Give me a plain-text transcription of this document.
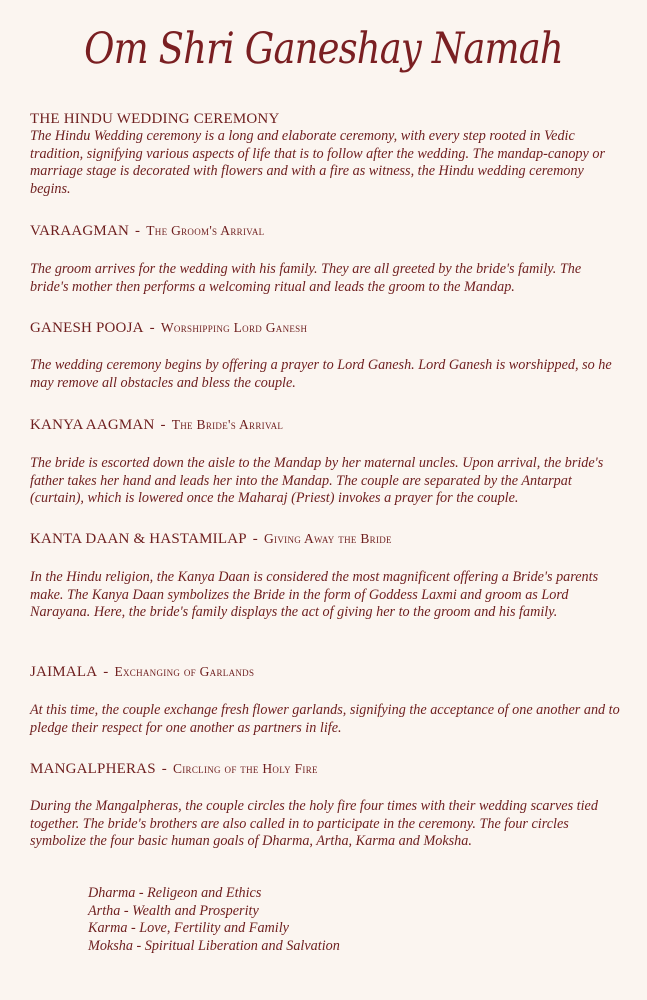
Om Shri Ganeshay Namah
THE HINDU WEDDING CEREMONY
The Hindu Wedding ceremony is a long and elaborate ceremony, with every step rooted in Vedic tradition, signifying various aspects of life that is to follow after the wedding. The mandap-canopy or marriage stage is decorated with flowers and with a fire as witness, the Hindu wedding ceremony begins.
VARAAGMAN - The Groom's Arrival
The groom arrives for the wedding with his family. They are all greeted by the bride's family. The bride's mother then performs a welcoming ritual and leads the groom to the Mandap.
GANESH POOJA - Worshipping Lord Ganesh
The wedding ceremony begins by offering a prayer to Lord Ganesh. Lord Ganesh is worshipped, so he may remove all obstacles and bless the couple.
KANYA AAGMAN - The Bride's Arrival
The bride is escorted down the aisle to the Mandap by her maternal uncles. Upon arrival, the bride's father takes her hand and leads her into the Mandap. The couple are separated by the Antarpat (curtain), which is lowered once the Maharaj (Priest) invokes a prayer for the couple.
KANTA DAAN & HASTAMILAP - Giving Away the Bride
In the Hindu religion, the Kanya Daan is considered the most magnificent offering a Bride's parents make. The Kanya Daan symbolizes the Bride in the form of Goddess Laxmi and groom as Lord Narayana. Here, the bride's family displays the act of giving her to the groom and his family.
JAIMALA - Exchanging of Garlands
At this time, the couple exchange fresh flower garlands, signifying the acceptance of one another and to pledge their respect for one another as partners in life.
MANGALPHERAS - Circling of the Holy Fire
During the Mangalpheras, the couple circles the holy fire four times with their wedding scarves tied together. The bride's brothers are also called in to participate in the ceremony. The four circles symbolize the four basic human goals of Dharma, Artha, Karma and Moksha.
Dharma - Religeon and Ethics
Artha - Wealth and Prosperity
Karma - Love, Fertility and Family
Moksha - Spiritual Liberation and Salvation
